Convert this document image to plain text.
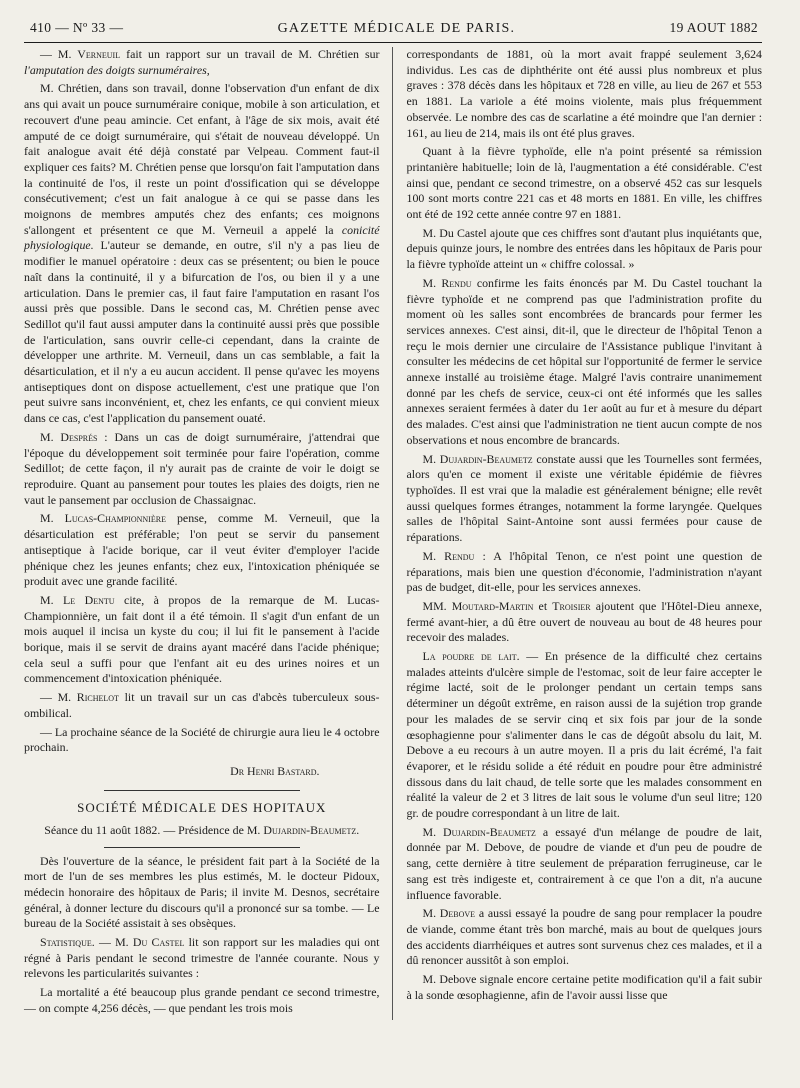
410 — Nº 33 —	GAZETTE MÉDICALE DE PARIS.	19 AOUT 1882

— M. Verneuil fait un rapport sur un travail de M. Chrétien sur l'amputation des doigts surnuméraires,

M. Chrétien, dans son travail, donne l'observation d'un enfant de dix ans qui avait un pouce surnuméraire conique, mobile à son articulation, et recouvert d'une peau amincie. Cet enfant, à l'âge de six mois, avait été amputé de ce doigt surnuméraire, qui s'était de nouveau développé. Un fait analogue avait été déjà constaté par Velpeau. Comment faut-il expliquer ces faits? M. Chrétien pense que lorsqu'on fait l'amputation dans la continuité de l'os, il reste un point d'ossification qui se développe consécutivement; c'est un fait analogue à ce qui se passe dans les moignons de membres amputés chez des enfants; ces moignons s'allongent et présentent ce que M. Verneuil a appelé la conicité physiologique. L'auteur se demande, en outre, s'il n'y a pas lieu de modifier le manuel opératoire : deux cas se présentent; ou bien le pouce naît dans la continuité, il y a bifurcation de l'os, ou bien il y a une articulation. Dans le premier cas, il faut faire l'amputation en rasant l'os aussi près que possible. Dans le second cas, M. Chrétien pense avec Sedillot qu'il faut aussi amputer dans la continuité aussi près que possible de l'articulation, sans ouvrir celle-ci cependant, dans la crainte de développer une arthrite. M. Verneuil, dans un cas semblable, a fait la désarticulation, et il n'y a eu aucun accident. Il pense qu'avec les moyens antiseptiques dont on dispose actuellement, c'est une pratique que l'on peut suivre sans inconvénient, et, chez les enfants, ce qui convient mieux dans ce cas, c'est l'application du pansement ouaté.

M. Després : Dans un cas de doigt surnuméraire, j'attendrai que l'époque du développement soit terminée pour faire l'opération, comme Sedillot; de cette façon, il n'y aurait pas de crainte de voir le doigt se reproduire. Quant au pansement pour toutes les plaies des doigts, rien ne vaut le pansement par occlusion de Chassaignac.

M. Lucas-Championnière pense, comme M. Verneuil, que la désarticulation est préférable; l'on peut se servir du pansement antiseptique à l'acide borique, car il veut éviter d'employer l'acide phénique chez les jeunes enfants; chez eux, l'intoxication phéniquée se produit avec une grande facilité.

M. Le Dentu cite, à propos de la remarque de M. Lucas-Championnière, un fait dont il a été témoin. Il s'agit d'un enfant de un mois auquel il incisa un kyste du cou; il lui fit le pansement à l'acide borique, mais il se servit de drains ayant macéré dans l'acide phénique; cela seul a suffi pour que l'enfant ait eu des urines noires et un commencement d'intoxication phéniquée.

— M. Richelot lit un travail sur un cas d'abcès tuberculeux sous-ombilical.

— La prochaine séance de la Société de chirurgie aura lieu le 4 octobre prochain.

Dr Henri Bastard.
SOCIÉTÉ MÉDICALE DES HOPITAUX
Séance du 11 août 1882. — Présidence de M. Dujardin-Beaumetz.

Dès l'ouverture de la séance, le président fait part à la Société de la mort de l'un de ses membres les plus estimés, M. le docteur Pidoux, médecin honoraire des hôpitaux de Paris; il invite M. Desnos, secrétaire général, à donner lecture du discours qu'il a prononcé sur sa tombe. — Le bureau de la Société assistait à ses obsèques.

Statistique. — M. Du Castel lit son rapport sur les maladies qui ont régné à Paris pendant le second trimestre de l'année courante. Nous y relevons les particularités suivantes :

La mortalité a été beaucoup plus grande pendant ce second trimestre, — on compte 4,256 décès, — que pendant les trois mois

correspondants de 1881, où la mort avait frappé seulement 3,624 individus. Les cas de diphthérite ont été aussi plus nombreux et plus graves : 378 décès dans les hôpitaux et 728 en ville, au lieu de 267 et 553 en 1881. La variole a été moins violente, mais plus fréquemment observée. Le nombre des cas de scarlatine a été moindre que l'an dernier : 161, au lieu de 214, mais ils ont été plus graves.

Quant à la fièvre typhoïde, elle n'a point présenté sa rémission printanière habituelle; loin de là, l'augmentation a été considérable. C'est ainsi que, pendant ce second trimestre, on a observé 452 cas sur lesquels 100 sont morts contre 221 cas et 48 morts en 1881. En ville, les chiffres ont été de 192 cette année contre 97 en 1881.

M. Du Castel ajoute que ces chiffres sont d'autant plus inquiétants que, depuis quinze jours, le nombre des entrées dans les hôpitaux de Paris pour la fièvre typhoïde atteint un « chiffre colossal. »

M. Rendu confirme les faits énoncés par M. Du Castel touchant la fièvre typhoïde et ne comprend pas que l'administration profite du moment où les salles sont encombrées de brancards pour fermer les services annexes. C'est ainsi, dit-il, que le directeur de l'hôpital Tenon a reçu le mois dernier une circulaire de l'Assistance publique l'invitant à consulter les médecins de cet hôpital sur l'opportunité de fermer le service annexe installé au troisième étage. Malgré l'avis contraire unanimement donné par les chefs de service, ceux-ci ont été informés que les salles annexes seraient fermées à dater du 1er août au fur et à mesure du départ des malades. C'est ainsi que l'administration ne tient aucun compte de nos observations et nous encombre de brancards.

M. Dujardin-Beaumetz constate aussi que les Tournelles sont fermées, alors qu'en ce moment il existe une véritable épidémie de fièvres typhoïdes. Il est vrai que la maladie est généralement bénigne; elle revêt aussi quelques formes étranges, notamment la forme laryngée. Quelques salles de l'hôpital Saint-Antoine sont aussi fermées pour cause de réparations.

M. Rendu : A l'hôpital Tenon, ce n'est point une question de réparations, mais bien une question d'économie, l'administration n'ayant pas de budget, dit-elle, pour les services annexes.

MM. Moutard-Martin et Troisier ajoutent que l'Hôtel-Dieu annexe, fermé avant-hier, a dû être ouvert de nouveau au bout de 48 heures pour recevoir des malades.

La poudre de lait. — En présence de la difficulté chez certains malades atteints d'ulcère simple de l'estomac, soit de leur faire accepter le régime lacté, soit de le prolonger pendant un certain temps sans déterminer un dégoût extrême, en raison aussi de la sujétion trop grande pour les malades de se servir cinq et six fois par jour de la sonde œsophagienne pour s'alimenter dans le cas de dégoût absolu du lait, M. Debove a eu recours à un autre moyen. Il a pris du lait écrémé, l'a fait évaporer, et le résidu solide a été réduit en poudre pour être administré dissous dans du lait chaud, de telle sorte que les malades consomment en réalité la valeur de 2 et 3 litres de lait sous le volume d'un seul litre; 120 gr. de poudre correspondant à un litre de lait.

M. Dujardin-Beaumetz a essayé d'un mélange de poudre de lait, donnée par M. Debove, de poudre de viande et d'un peu de poudre de sang, cette dernière à titre seulement de préparation ferrugineuse, car le sang est très indigeste et, contrairement à ce que l'on a dit, n'a aucune influence favorable.

M. Debove a aussi essayé la poudre de sang pour remplacer la poudre de viande, comme étant très bon marché, mais au bout de quelques jours des accidents diarrhéiques et autres sont survenus chez ces malades, et il a dû renoncer aussitôt à son emploi.

M. Debove signale encore certaine petite modification qu'il a fait subir à la sonde œsophagienne, afin de l'avoir aussi lisse que
